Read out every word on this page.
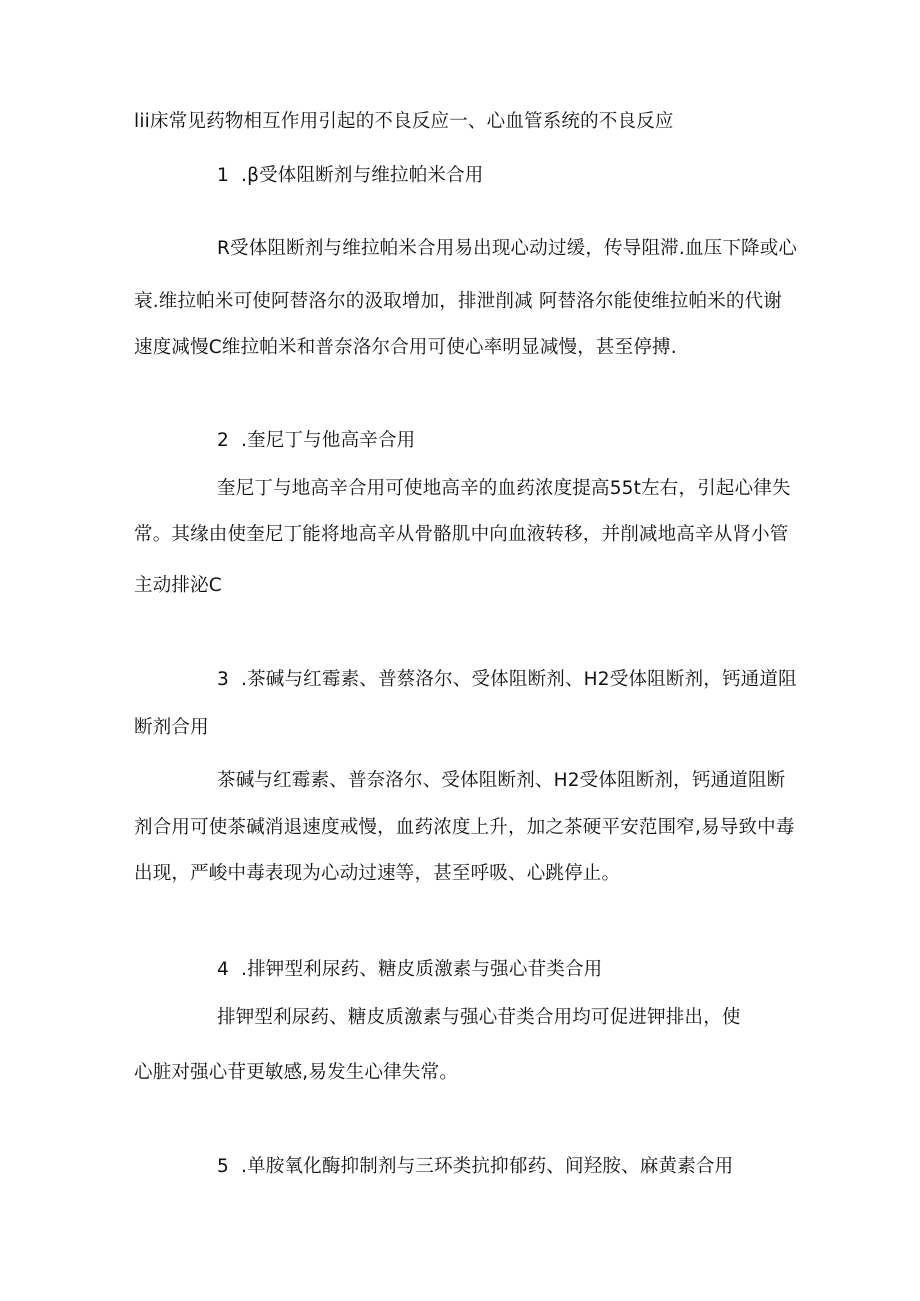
lii床常见药物相互作用引起的不良反应一、心血管系统的不良反应
1 .β受体阻断剂与维拉帕米合用
R受体阻断剂与维拉帕米合用易出现心动过缓，传导阻滞.血压下降或心
衰.维拉帕米可使阿替洛尔的汲取增加，排泄削减 阿替洛尔能使维拉帕米的代谢
速度减慢C维拉帕米和普奈洛尔合用可使心率明显减慢，甚至停搏.
2 .奎尼丁与他高辛合用
奎尼丁与地高辛合用可使地高辛的血药浓度提高55t左右，引起心律失
常。其缘由使奎尼丁能将地高辛从骨骼肌中向血液转移，并削减地高辛从肾小管
主动排泌C
3 .茶碱与红霉素、普蔡洛尔、受体阻断剂、H2受体阻断剂，钙通道阻
断剂合用
茶碱与红霉素、普奈洛尔、受体阻断剂、H2受体阻断剂，钙通道阻断
剂合用可使茶碱消退速度戒慢，血药浓度上升，加之茶硬平安范围窄,易导致中毒
出现，严峻中毒表现为心动过速等，甚至呼吸、心跳停止。
4 .排钾型利尿药、糖皮质激素与强心苷类合用
排钾型利尿药、糖皮质激素与强心苷类合用均可促进钾排出，使
心脏对强心苷更敏感,易发生心律失常。
5 .单胺氧化酶抑制剂与三环类抗抑郁药、间羟胺、麻黄素合用
